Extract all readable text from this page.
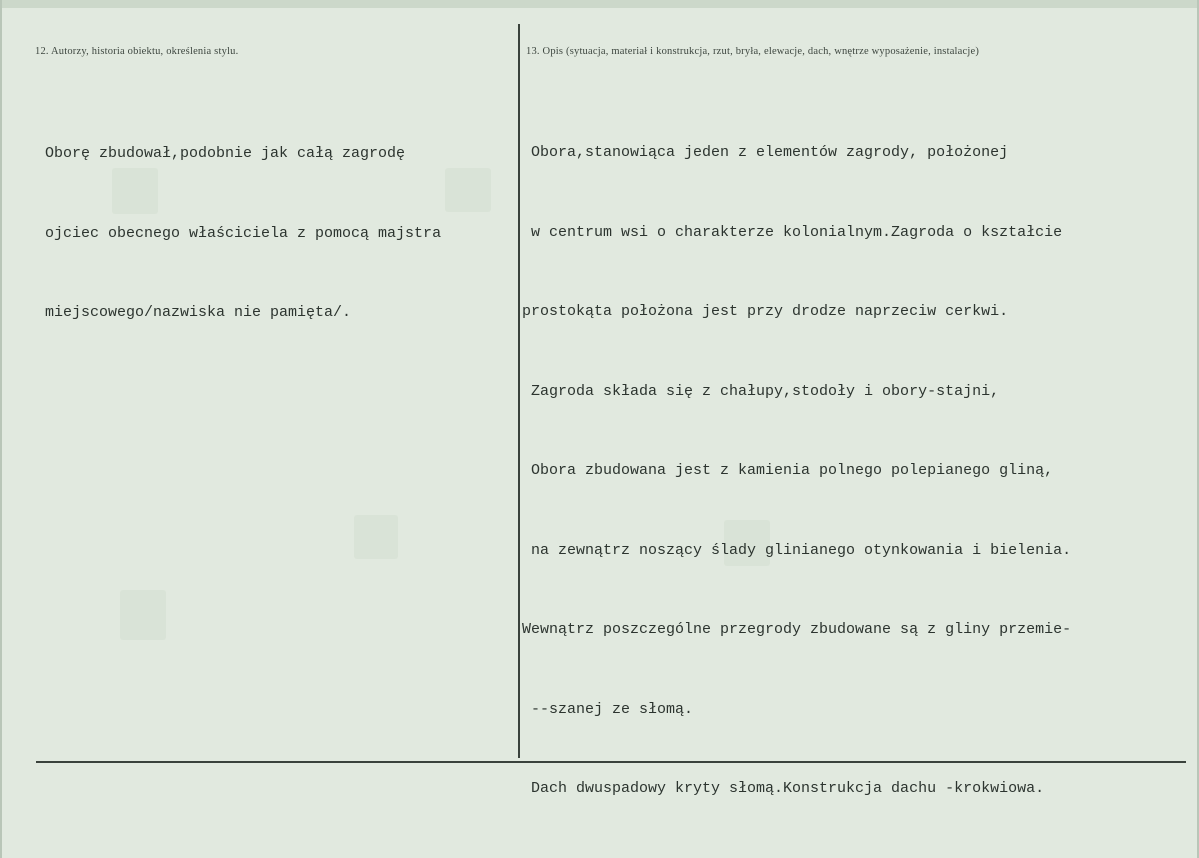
12. Autorzy, historia obiektu, określenia stylu.	13. Opis (sytuacja, materiał i konstrukcja, rzut, bryła, elewacje, dach, wnętrze wyposażenie, instalacje)

Oborę zbudował,podobnie jak całą zagrodę

ojciec obecnego właściciela z pomocą majstra

miejscowego/nazwiska nie pamięta/.

Obora,stanowiąca jeden z elementów zagrody, położonej

w centrum wsi o charakterze kolonialnym.Zagroda o kształcie

prostokąta położona jest przy drodze naprzeciw cerkwi.

Zagroda składa się z chałupy,stodoły i obory-stajni,

Obora zbudowana jest z kamienia polnego polepianego gliną,

na zewnątrz noszący ślady glinianego otynkowania i bielenia.

Wewnątrz poszczególne przegrody zbudowane są z gliny przemie-

--szanej ze słomą.

Dach dwuspadowy kryty słomą.Konstrukcja dachu -krokwiowa.
